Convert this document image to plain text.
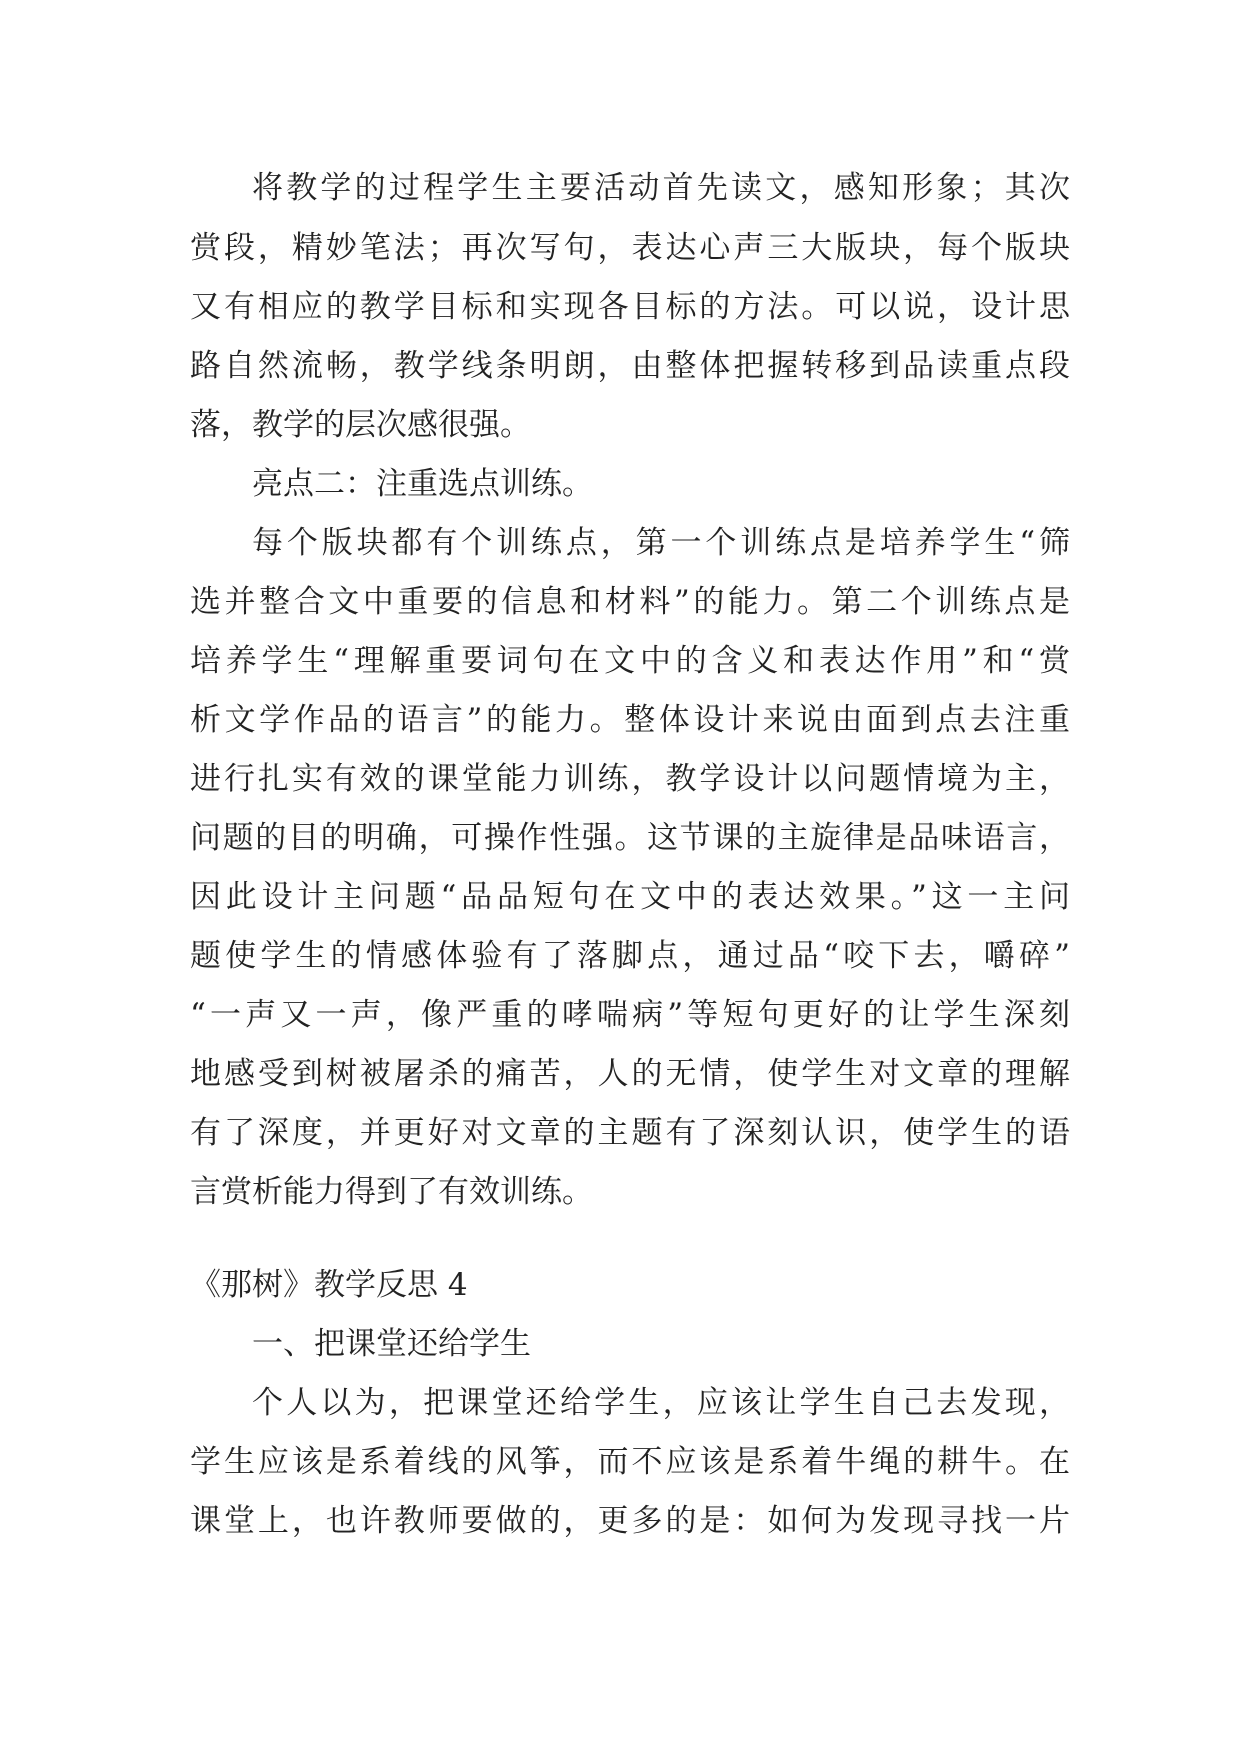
将教学的过程学生主要活动首先读文，感知形象；其次
赏段，精妙笔法；再次写句，表达心声三大版块，每个版块
又有相应的教学目标和实现各目标的方法。可以说，设计思
路自然流畅，教学线条明朗，由整体把握转移到品读重点段
落，教学的层次感很强。
亮点二：注重选点训练。
每个版块都有个训练点，第一个训练点是培养学生“筛
选并整合文中重要的信息和材料”的能力。第二个训练点是
培养学生“理解重要词句在文中的含义和表达作用”和“赏
析文学作品的语言”的能力。整体设计来说由面到点去注重
进行扎实有效的课堂能力训练，教学设计以问题情境为主，
问题的目的明确，可操作性强。这节课的主旋律是品味语言，
因此设计主问题“品品短句在文中的表达效果。”这一主问
题使学生的情感体验有了落脚点，通过品“咬下去，嚼碎”
“一声又一声，像严重的哮喘病”等短句更好的让学生深刻
地感受到树被屠杀的痛苦，人的无情，使学生对文章的理解
有了深度，并更好对文章的主题有了深刻认识，使学生的语
言赏析能力得到了有效训练。
《那树》教学反思 4
一、把课堂还给学生
个人以为，把课堂还给学生，应该让学生自己去发现，
学生应该是系着线的风筝，而不应该是系着牛绳的耕牛。在
课堂上，也许教师要做的，更多的是：如何为发现寻找一片
